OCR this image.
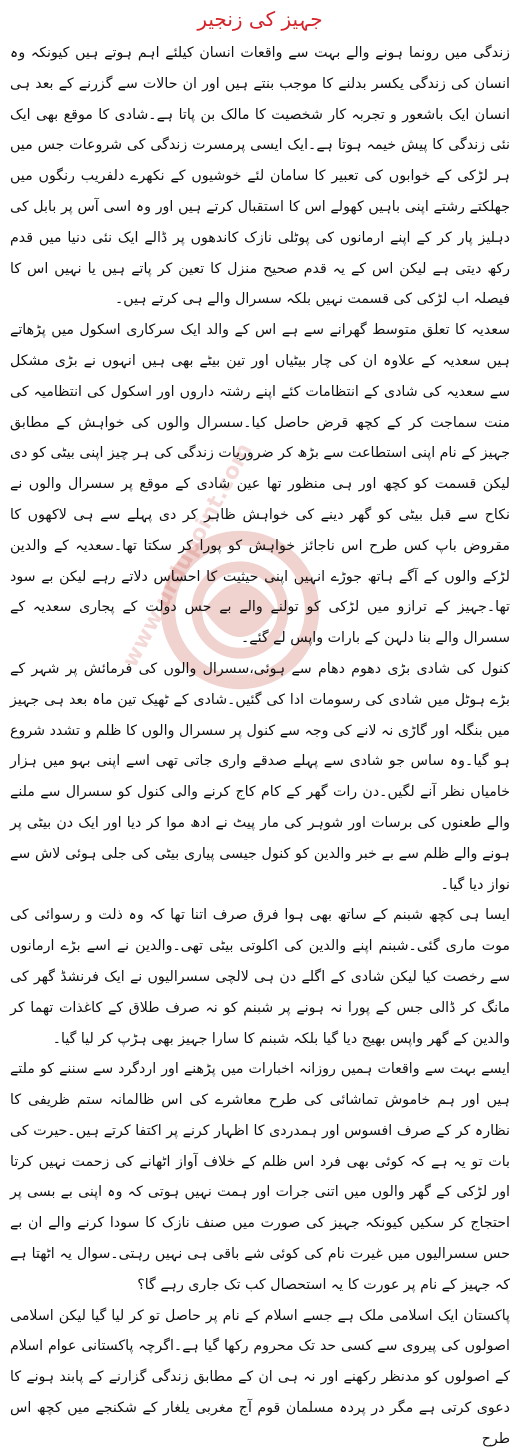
جہیز کی زنجیر
www.urdupoint.com

زندگی میں رونما ہونے والے بہت سے واقعات انسان کیلئے اہم ہوتے ہیں کیونکہ وہ انسان کی زندگی یکسر بدلنے کا موجب بنتے ہیں اور ان حالات سے گزرنے کے بعد ہی انسان ایک باشعور و تجربہ کار شخصیت کا مالک بن پاتا ہے۔شادی کا موقع بھی ایک نئی زندگی کا پیش خیمہ ہوتا ہے۔ایک ایسی پرمسرت زندگی کی شروعات جس میں ہر لڑکی کے خوابوں کی تعبیر کا سامان لئے خوشیوں کے نکھرے دلفریب رنگوں میں جھلکتے رشتے اپنی باہیں کھولے اس کا استقبال کرتے ہیں اور وہ اسی آس پر بابل کی دہلیز پار کر کے اپنے ارمانوں کی پوٹلی نازک کاندھوں پر ڈالے ایک نئی دنیا میں قدم رکھ دیتی ہے لیکن اس کے یہ قدم صحیح منزل کا تعین کر پاتے ہیں یا نہیں اس کا فیصلہ اب لڑکی کی قسمت نہیں بلکہ سسرال والے ہی کرتے ہیں۔

سعدیہ کا تعلق متوسط گھرانے سے ہے اس کے والد ایک سرکاری اسکول میں پڑھاتے ہیں سعدیہ کے علاوہ ان کی چار بیٹیاں اور تین بیٹے بھی ہیں انہوں نے بڑی مشکل سے سعدیہ کی شادی کے انتظامات کئے اپنے رشتہ داروں اور اسکول کی انتظامیہ کی منت سماجت کر کے کچھ قرض حاصل کیا۔سسرال والوں کی خواہش کے مطابق جہیز کے نام اپنی استطاعت سے بڑھ کر ضروریات زندگی کی ہر چیز اپنی بیٹی کو دی لیکن قسمت کو کچھ اور ہی منظور تھا عین شادی کے موقع پر سسرال والوں نے نکاح سے قبل بیٹی کو گھر دینے کی خواہش ظاہر کر دی پہلے سے ہی لاکھوں کا مقروض باپ کس طرح اس ناجائز خواہش کو پورا کر سکتا تھا۔سعدیہ کے والدین لڑکے والوں کے آگے ہاتھ جوڑے انہیں اپنی حیثیت کا احساس دلاتے رہے لیکن بے سود تھا۔جہیز کے ترازو میں لڑکی کو تولنے والے بے حس دولت کے پجاری سعدیہ کے سسرال والے بنا دلہن کے بارات واپس لے گئے۔

کنول کی شادی بڑی دھوم دھام سے ہوئی،سسرال والوں کی فرمائش پر شہر کے بڑے ہوٹل میں شادی کی رسومات ادا کی گئیں۔شادی کے ٹھیک تین ماہ بعد ہی جہیز میں بنگلہ اور گاڑی نہ لانے کی وجہ سے کنول پر سسرال والوں کا ظلم و تشدد شروع ہو گیا۔وہ ساس جو شادی سے پہلے صدقے واری جاتی تھی اسے اپنی بہو میں ہزار خامیاں نظر آنے لگیں۔دن رات گھر کے کام کاج کرنے والی کنول کو سسرال سے ملنے والے طعنوں کی برسات اور شوہر کی مار پیٹ نے ادھ موا کر دیا اور ایک دن بیٹی پر ہونے والے ظلم سے بے خبر والدین کو کنول جیسی پیاری بیٹی کی جلی ہوئی لاش سے نواز دیا گیا۔

ایسا ہی کچھ شبنم کے ساتھ بھی ہوا فرق صرف اتنا تھا کہ وہ ذلت و رسوائی کی موت ماری گئی۔شبنم اپنے والدین کی اکلوتی بیٹی تھی۔والدین نے اسے بڑے ارمانوں سے رخصت کیا لیکن شادی کے اگلے دن ہی لالچی سسرالیوں نے ایک فرنشڈ گھر کی مانگ کر ڈالی جس کے پورا نہ ہونے پر شبنم کو نہ صرف طلاق کے کاغذات تھما کر والدین کے گھر واپس بھیج دیا گیا بلکہ شبنم کا سارا جہیز بھی ہڑپ کر لیا گیا۔

ایسے بہت سے واقعات ہمیں روزانہ اخبارات میں پڑھنے اور اردگرد سے سننے کو ملتے ہیں اور ہم خاموش تماشائی کی طرح معاشرے کی اس ظالمانہ ستم ظریفی کا نظارہ کر کے صرف افسوس اور ہمدردی کا اظہار کرنے پر اکتفا کرتے ہیں۔حیرت کی بات تو یہ ہے کہ کوئی بھی فرد اس ظلم کے خلاف آواز اٹھانے کی زحمت نہیں کرتا اور لڑکی کے گھر والوں میں اتنی جرات اور ہمت نہیں ہوتی کہ وہ اپنی بے بسی پر احتجاج کر سکیں کیونکہ جہیز کی صورت میں صنف نازک کا سودا کرنے والے ان بے حس سسرالیوں میں غیرت نام کی کوئی شے باقی ہی نہیں رہتی۔سوال یہ اٹھتا ہے کہ جہیز کے نام پر عورت کا یہ استحصال کب تک جاری رہے گا؟

پاکستان ایک اسلامی ملک ہے جسے اسلام کے نام پر حاصل تو کر لیا گیا لیکن اسلامی اصولوں کی پیروی سے کسی حد تک محروم رکھا گیا ہے۔اگرچہ پاکستانی عوام اسلام کے اصولوں کو مدنظر رکھنے اور نہ ہی ان کے مطابق زندگی گزارنے کے پابند ہونے کا دعوی کرتی ہے مگر در پردہ مسلمان قوم آج مغربی یلغار کے شکنجے میں کچھ اس طرح
